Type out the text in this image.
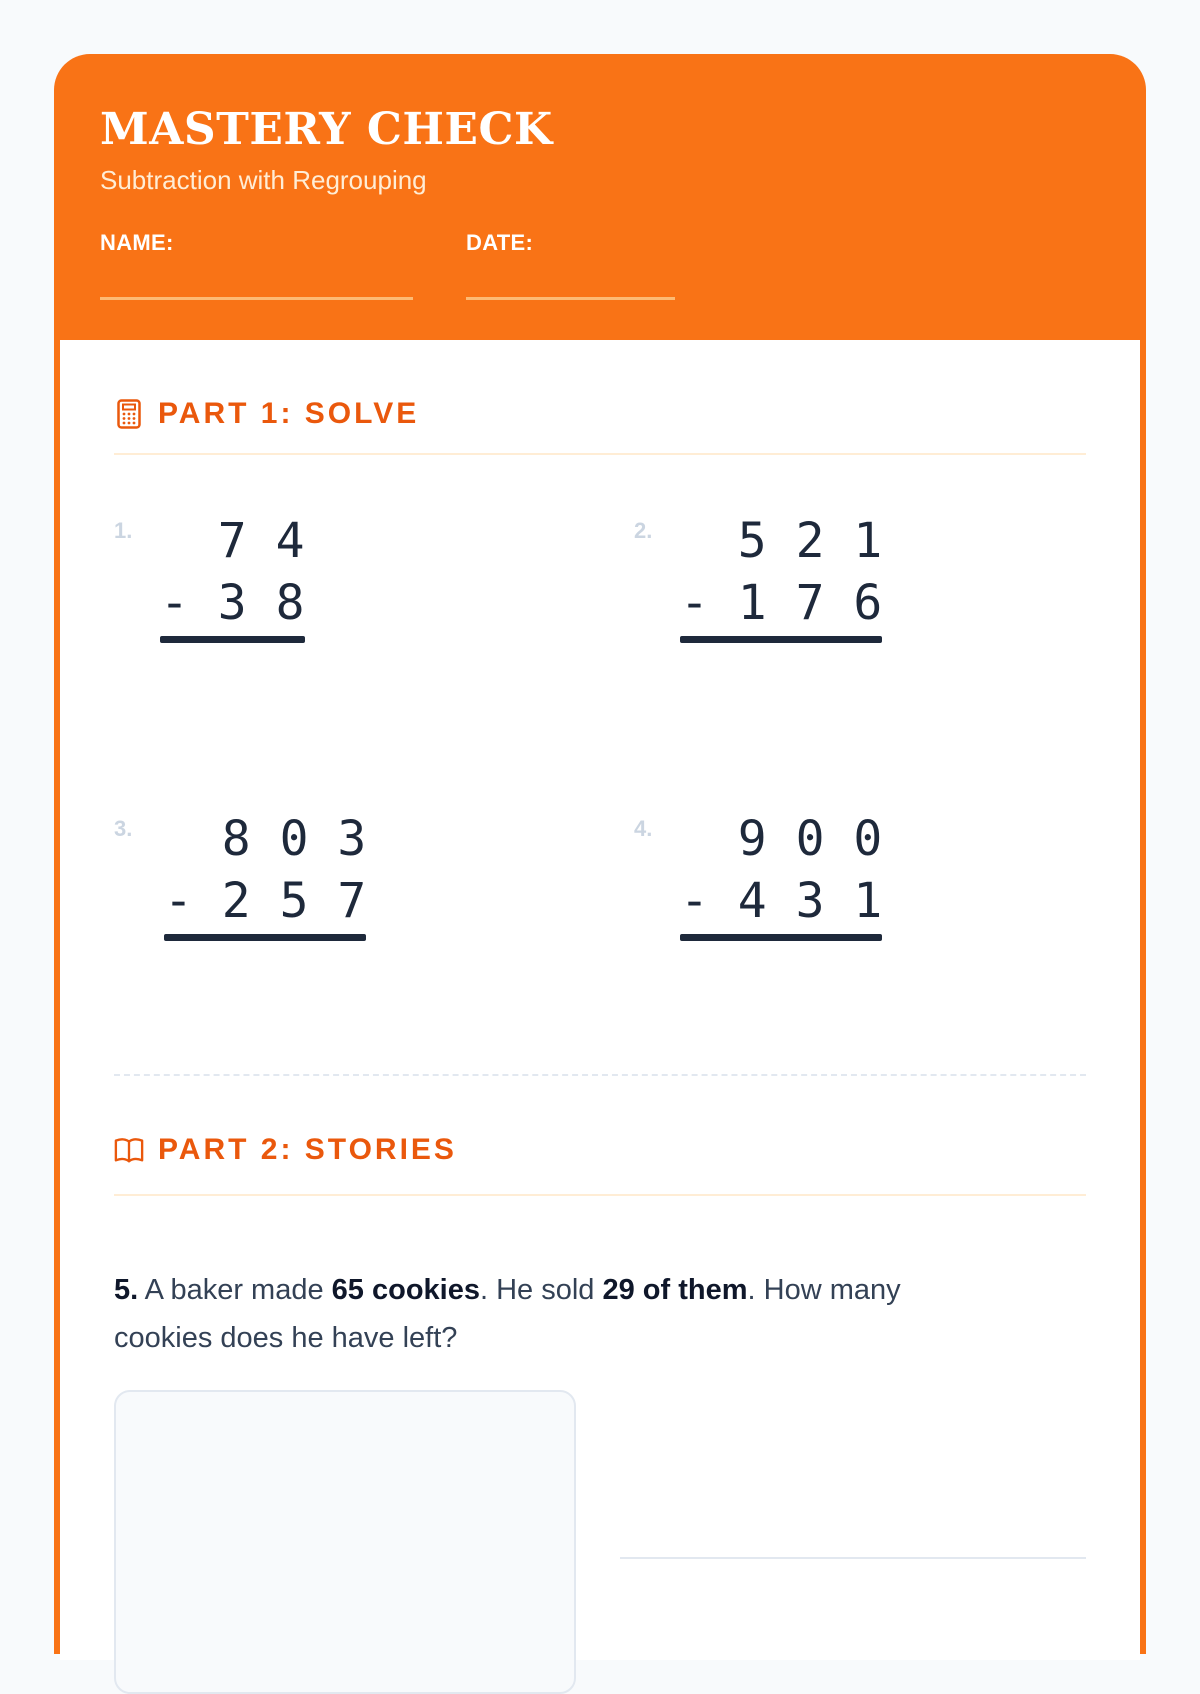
MASTERY CHECK
Subtraction with Regrouping
NAME:	DATE:
PART 1: SOLVE
1. 7 4
- 3 8
2. 5 2 1
- 1 7 6
3. 8 0 3
- 2 5 7
4. 9 0 0
- 4 3 1
PART 2: STORIES
5. A baker made 65 cookies. He sold 29 of them. How many cookies does he have left?
